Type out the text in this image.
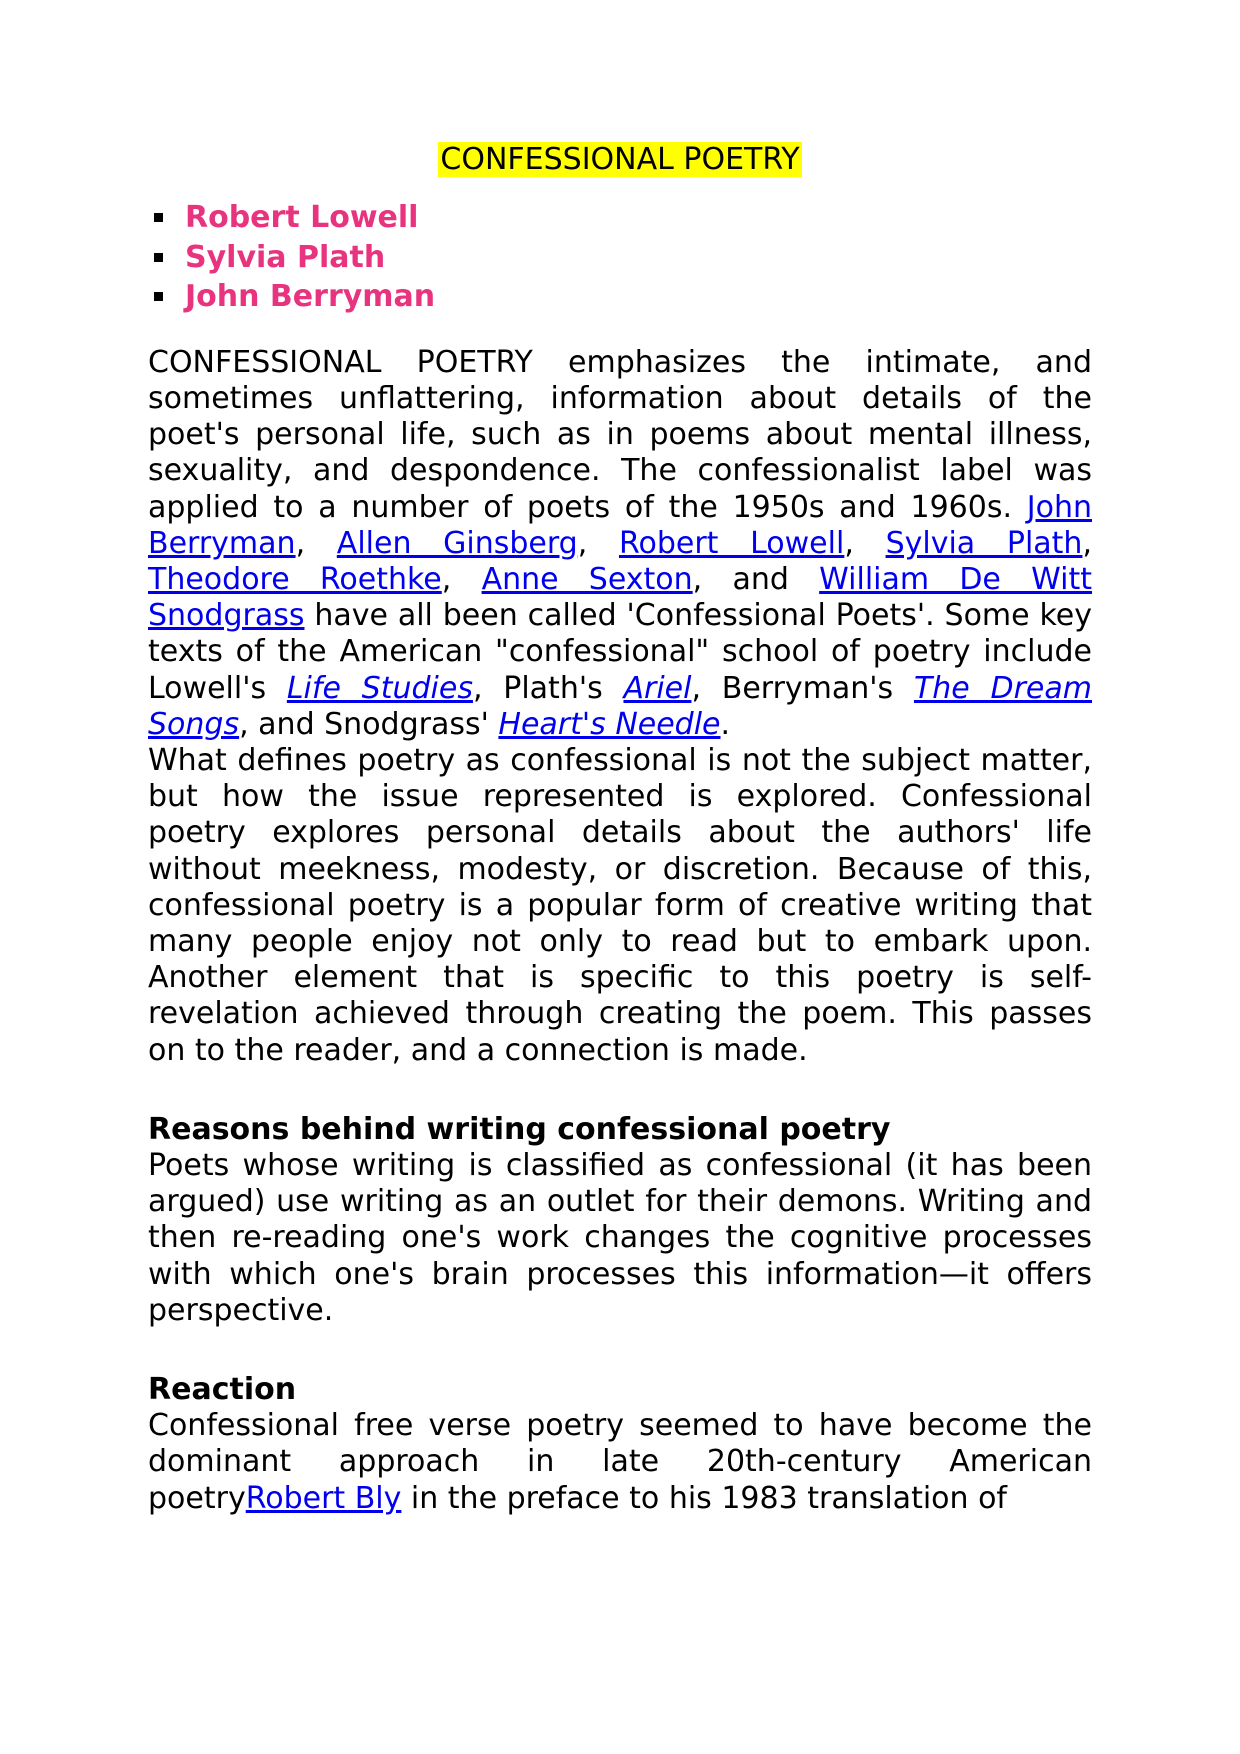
CONFESSIONAL POETRY
Robert Lowell
Sylvia Plath
John Berryman

CONFESSIONAL POETRY emphasizes the intimate, and sometimes unflattering, information about details of the poet's personal life, such as in poems about mental illness, sexuality, and despondence. The confessionalist label was applied to a number of poets of the 1950s and 1960s. John Berryman, Allen Ginsberg, Robert Lowell, Sylvia Plath, Theodore Roethke, Anne Sexton, and William De Witt Snodgrass have all been called 'Confessional Poets'. Some key texts of the American "confessional" school of poetry include Lowell's Life Studies, Plath's Ariel, Berryman's The Dream Songs, and Snodgrass' Heart's Needle.

What defines poetry as confessional is not the subject matter, but how the issue represented is explored. Confessional poetry explores personal details about the authors' life without meekness, modesty, or discretion. Because of this, confessional poetry is a popular form of creative writing that many people enjoy not only to read but to embark upon. Another element that is specific to this poetry is self-revelation achieved through creating the poem. This passes on to the reader, and a connection is made.

Reasons behind writing confessional poetry

Poets whose writing is classified as confessional (it has been argued) use writing as an outlet for their demons. Writing and then re-reading one's work changes the cognitive processes with which one's brain processes this information—it offers perspective.

Reaction

Confessional free verse poetry seemed to have become the dominant approach in late 20th-century American poetryRobert Bly in the preface to his 1983 translation of
